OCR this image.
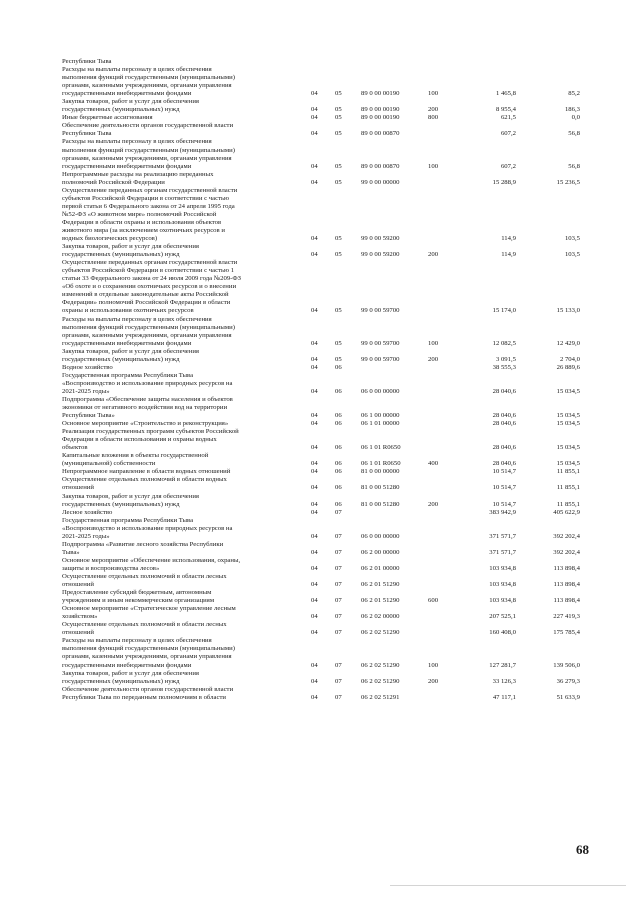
Республики Тыва
Расходы на выплаты персоналу в целях обеспечения
выполнения функций государственными (муниципальными)
органами, казенными учреждениями, органами управления
государственными внебюджетными фондами	04	05	89 0 00 00190	100	1 465,8	85,2
Закупка товаров, работ и услуг для обеспечения
государственных (муниципальных) нужд	04	05	89 0 00 00190	200	8 955,4	186,3
Иные бюджетные ассигнования	04	05	89 0 00 00190	800	621,5	0,0
Обеспечение деятельности органов государственной власти
Республики Тыва	04	05	89 0 00 00870	607,2	56,8
Расходы на выплаты персоналу в целях обеспечения
выполнения функций государственными (муниципальными)
органами, казенными учреждениями, органами управления
государственными внебюджетными фондами	04	05	89 0 00 00870	100	607,2	56,8
Непрограммные расходы на реализацию переданных
полномочий Российской Федерации	04	05	99 0 00 00000	15 288,9	15 236,5
Осуществление переданных органам государственной власти
субъектов Российской Федерации в соответствии с частью
первой статьи 6 Федерального закона от 24 апреля 1995 года
№52-ФЗ «О животном мире» полномочий Российской
Федерации в области охраны и использования объектов
животного мира (за исключением охотничьих ресурсов и
водных биологических ресурсов)	04	05	99 0 00 59200	114,9	103,5
Закупка товаров, работ и услуг для обеспечения
государственных (муниципальных) нужд	04	05	99 0 00 59200	200	114,9	103,5
Осуществление переданных органам государственной власти
субъектов Российской Федерации в соответствии с частью 1
статьи 33 Федерального закона от 24 июля 2009 года №209-ФЗ
«Об охоте и о сохранении охотничьих ресурсов и о внесении
изменений в отдельные законодательные акты Российской
Федерации» полномочий Российской Федерации в области
охраны и использования охотничьих ресурсов	04	05	99 0 00 59700	15 174,0	15 133,0
Расходы на выплаты персоналу в целях обеспечения
выполнения функций государственными (муниципальными)
органами, казенными учреждениями, органами управления
государственными внебюджетными фондами	04	05	99 0 00 59700	100	12 082,5	12 429,0
Закупка товаров, работ и услуг для обеспечения
государственных (муниципальных) нужд	04	05	99 0 00 59700	200	3 091,5	2 704,0
Водное хозяйство	04	06	38 555,3	26 889,6
Государственная программа Республики Тыва
«Воспроизводство и использование природных ресурсов на
2021-2025 годы»	04	06	06 0 00 00000	28 040,6	15 034,5
Подпрограмма «Обеспечение защиты населения и объектов
экономики от негативного воздействия вод на территории
Республики Тыва»	04	06	06 1 00 00000	28 040,6	15 034,5
Основное мероприятие «Строительство и реконструкция»	04	06	06 1 01 00000	28 040,6	15 034,5
Реализация государственных программ субъектов Российской
Федерации в области использования и охраны водных
объектов	04	06	06 1 01 R0650	28 040,6	15 034,5
Капитальные вложения в объекты государственной
(муниципальной) собственности	04	06	06 1 01 R0650	400	28 040,6	15 034,5
Непрограммное направление в области водных отношений	04	06	81 0 00 00000	10 514,7	11 855,1
Осуществление отдельных полномочий в области водных
отношений	04	06	81 0 00 51280	10 514,7	11 855,1
Закупка товаров, работ и услуг для обеспечения
государственных (муниципальных) нужд	04	06	81 0 00 51280	200	10 514,7	11 855,1
Лесное хозяйство	04	07	383 942,9	405 622,9
Государственная программа Республики Тыва
«Воспроизводство и использование природных ресурсов на
2021-2025 годы»	04	07	06 0 00 00000	371 571,7	392 202,4
Подпрограмма «Развитие лесного хозяйства Республики
Тыва»	04	07	06 2 00 00000	371 571,7	392 202,4
Основное мероприятие «Обеспечение использования, охраны,
защиты и воспроизводства лесов»	04	07	06 2 01 00000	103 934,8	113 898,4
Осуществление отдельных полномочий в области лесных
отношений	04	07	06 2 01 51290	103 934,8	113 898,4
Предоставление субсидий бюджетным, автономным
учреждениям и иным некоммерческим организациям	04	07	06 2 01 51290	600	103 934,8	113 898,4
Основное мероприятие «Стратегическое управление лесным
хозяйством»	04	07	06 2 02 00000	207 525,1	227 419,3
Осуществление отдельных полномочий в области лесных
отношений	04	07	06 2 02 51290	160 408,0	175 785,4
Расходы на выплаты персоналу в целях обеспечения
выполнения функций государственными (муниципальными)
органами, казенными учреждениями, органами управления
государственными внебюджетными фондами	04	07	06 2 02 51290	100	127 281,7	139 506,0
Закупка товаров, работ и услуг для обеспечения
государственных (муниципальных) нужд	04	07	06 2 02 51290	200	33 126,3	36 279,3
Обеспечение деятельности органов государственной власти
Республики Тыва по переданным полномочиям в области	04	07	06 2 02 51291	47 117,1	51 633,9
68
